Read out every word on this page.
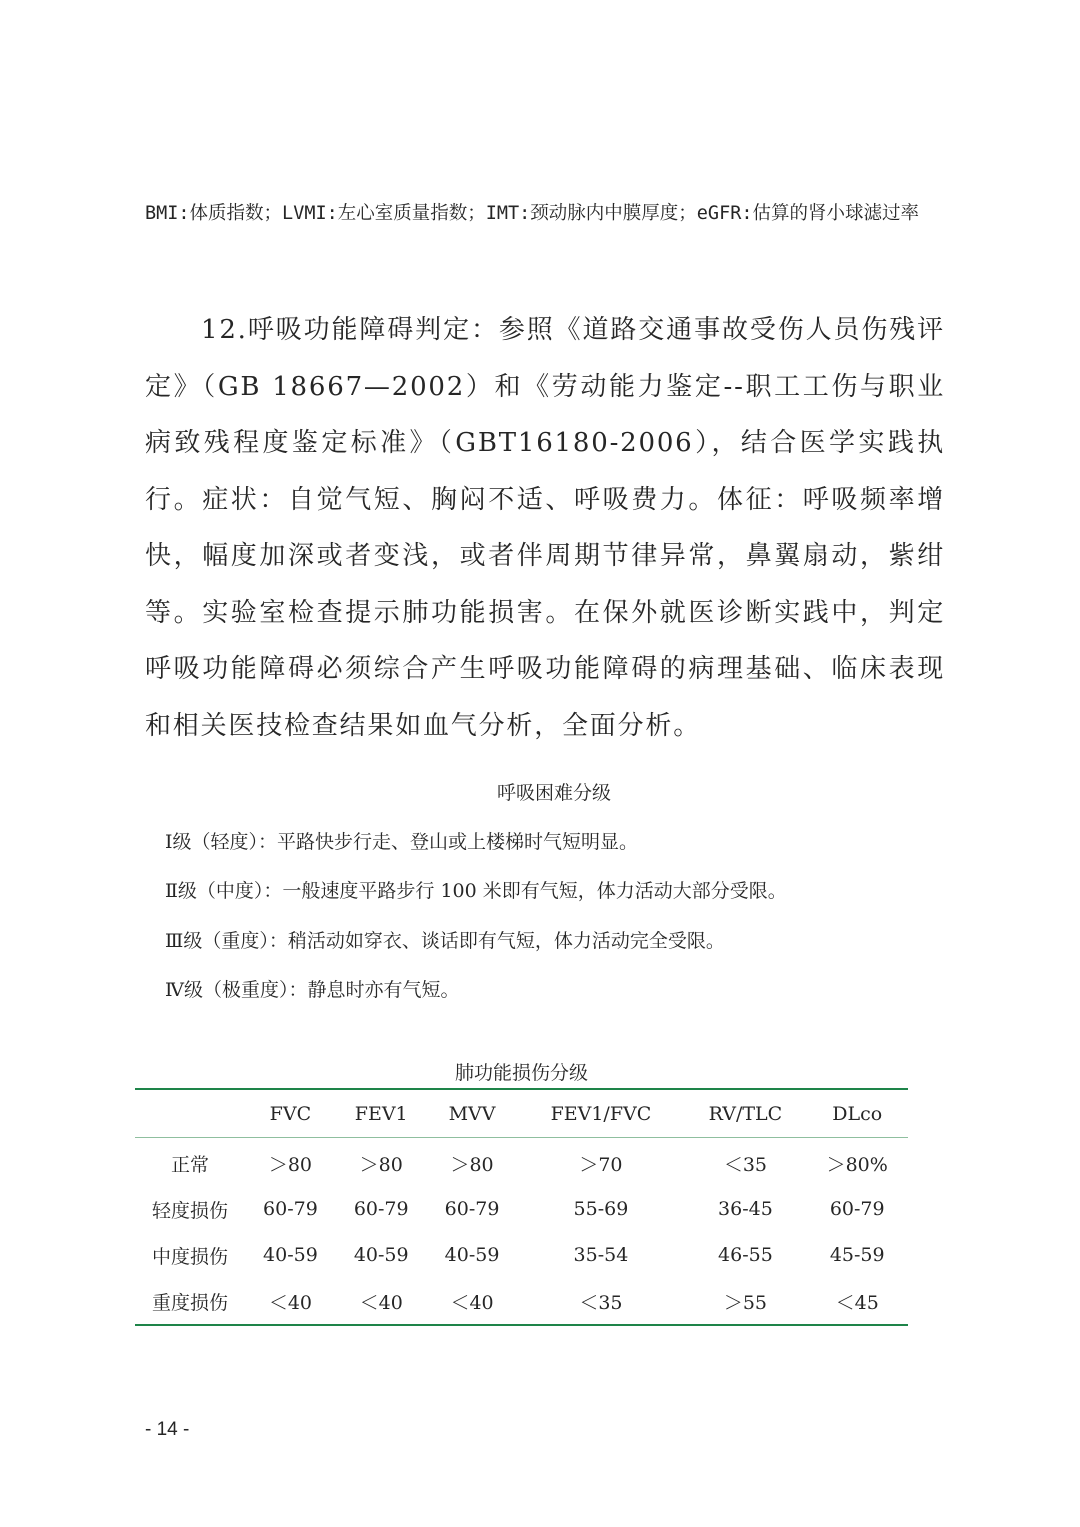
BMI:体质指数；LVMI:左心室质量指数；IMT:颈动脉内中膜厚度；eGFR:估算的肾小球滤过率

12.呼吸功能障碍判定：参照《道路交通事故受伤人员伤残评定》（GB 18667—2002）和《劳动能力鉴定--职工工伤与职业病致残程度鉴定标准》（GBT16180-2006），结合医学实践执行。症状：自觉气短、胸闷不适、呼吸费力。体征：呼吸频率增快，幅度加深或者变浅，或者伴周期节律异常，鼻翼扇动，紫绀等。实验室检查提示肺功能损害。在保外就医诊断实践中，判定呼吸功能障碍必须综合产生呼吸功能障碍的病理基础、临床表现和相关医技检查结果如血气分析，全面分析。

呼吸困难分级

Ⅰ级（轻度）：平路快步行走、登山或上楼梯时气短明显。

Ⅱ级（中度）：一般速度平路步行 100 米即有气短，体力活动大部分受限。

Ⅲ级（重度）：稍活动如穿衣、谈话即有气短，体力活动完全受限。

Ⅳ级（极重度）：静息时亦有气短。

肺功能损伤分级

	FVC	FEV1	MVV	FEV1/FVC	RV/TLC	DLco
正常	＞80	＞80	＞80	＞70	＜35	＞80%
轻度损伤	60-79	60-79	60-79	55-69	36-45	60-79
中度损伤	40-59	40-59	40-59	35-54	46-55	45-59
重度损伤	＜40	＜40	＜40	＜35	＞55	＜45

- 14 -
